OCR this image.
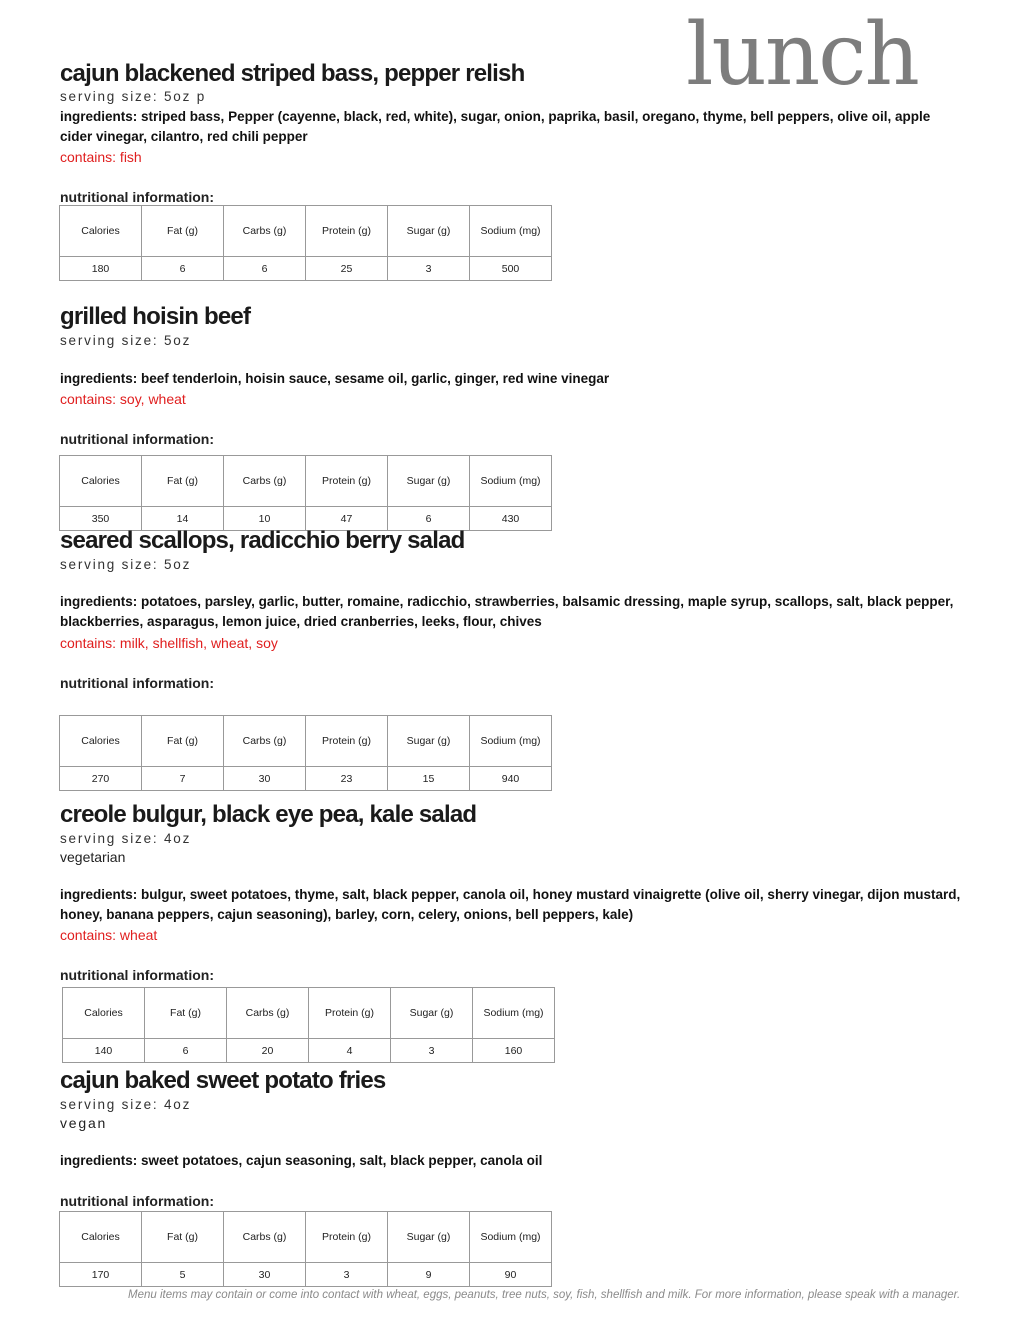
lunch
cajun blackened striped bass, pepper relish
serving size: 5oz p
ingredients: striped bass, Pepper (cayenne, black, red, white), sugar, onion, paprika, basil, oregano, thyme, bell peppers, olive oil, apple cider vinegar, cilantro, red chili pepper
contains: fish
nutritional information:
Calories	Fat (g)	Carbs (g)	Protein (g)	Sugar (g)	Sodium (mg)
180	6	6	25	3	500
grilled hoisin beef
serving size: 5oz
ingredients: beef tenderloin, hoisin sauce, sesame oil, garlic, ginger, red wine vinegar
contains: soy, wheat
nutritional information:
Calories	Fat (g)	Carbs (g)	Protein (g)	Sugar (g)	Sodium (mg)
350	14	10	47	6	430
seared scallops, radicchio berry salad
serving size: 5oz
ingredients: potatoes, parsley, garlic, butter, romaine, radicchio, strawberries, balsamic dressing, maple syrup, scallops, salt, black pepper, blackberries, asparagus, lemon juice, dried cranberries, leeks, flour, chives
contains: milk, shellfish, wheat, soy
nutritional information:
Calories	Fat (g)	Carbs (g)	Protein (g)	Sugar (g)	Sodium (mg)
270	7	30	23	15	940
creole bulgur, black eye pea, kale salad
serving size: 4oz
vegetarian
ingredients: bulgur, sweet potatoes, thyme, salt, black pepper, canola oil, honey mustard vinaigrette (olive oil, sherry vinegar, dijon mustard, honey, banana peppers, cajun seasoning), barley, corn, celery, onions, bell peppers, kale)
contains: wheat
nutritional information:
Calories	Fat (g)	Carbs (g)	Protein (g)	Sugar (g)	Sodium (mg)
140	6	20	4	3	160
cajun baked sweet potato fries
serving size: 4oz
vegan
ingredients: sweet potatoes, cajun seasoning, salt, black pepper, canola oil
nutritional information:
Calories	Fat (g)	Carbs (g)	Protein (g)	Sugar (g)	Sodium (mg)
170	5	30	3	9	90
Menu items may contain or come into contact with wheat, eggs, peanuts, tree nuts, soy, fish, shellfish and milk. For more information, please speak with a manager.
